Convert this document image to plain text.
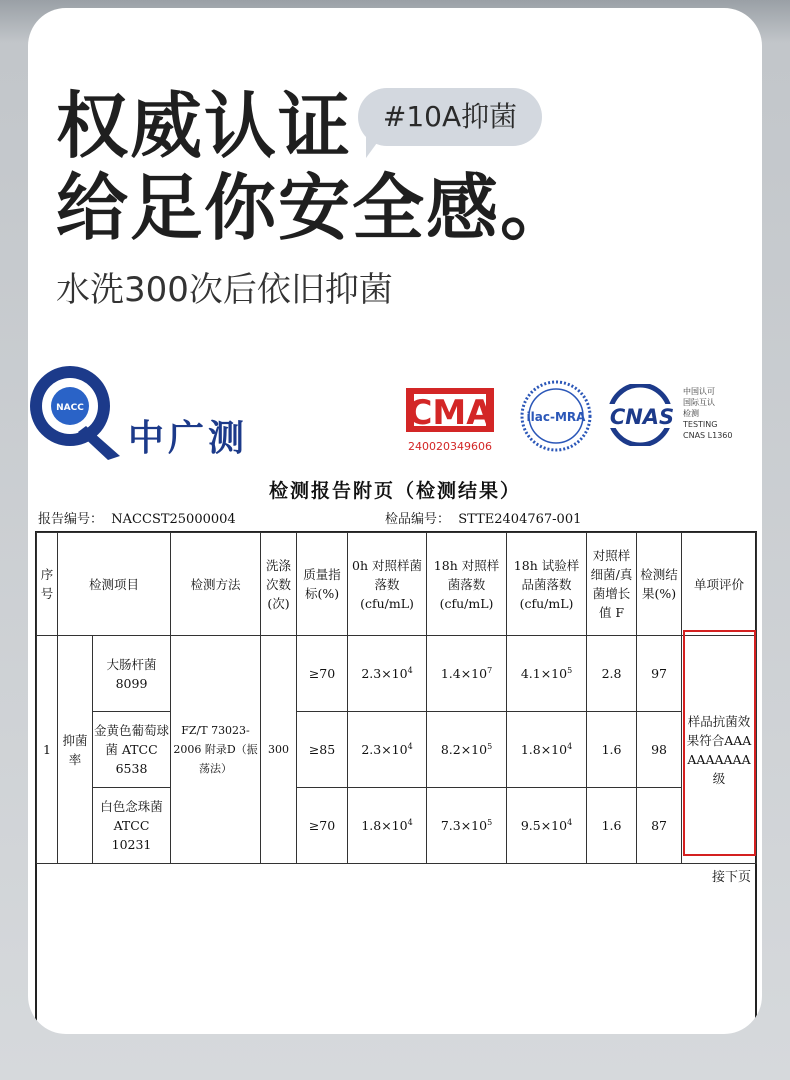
权威认证	#10A抑菌
给足你安全感。
水洗300次后依旧抑菌
NACC
中广测
CMA
240020349606
ilac-MRA CNAS
中国认可
国际互认
检测
TESTING
CNAS L1360
检测报告附页（检测结果）
报告编号： NACCST25000004	检品编号： STTE2404767-001
序号	检测项目		检测方法	洗涤次数(次)	质量指标(%)	0h 对照样菌落数(cfu/mL)	18h 对照样菌落数(cfu/mL)	18h 试验样品菌落数(cfu/mL)	对照样细菌/真菌增长值 F	检测结果(%)	单项评价
1	抑菌率	大肠杆菌 8099	FZ/T 73023-2006 附录D（振荡法）	300	≥70	$2.3\times 10^4$	$1.4\times 10^7$	$4.1\times 10^5$	2.8	97	样品抗菌效果符合AAAAAAAAAA级
		金黄色葡萄球菌 ATCC 6538			≥85	$2.3\times 10^4$	$8.2\times 10^5$	$1.8\times 10^4$	1.6	98	
		白色念珠菌 ATCC 10231			≥70	$1.8\times 10^4$	$7.3\times 10^5$	$9.5\times 10^4$	1.6	87	
接下页
